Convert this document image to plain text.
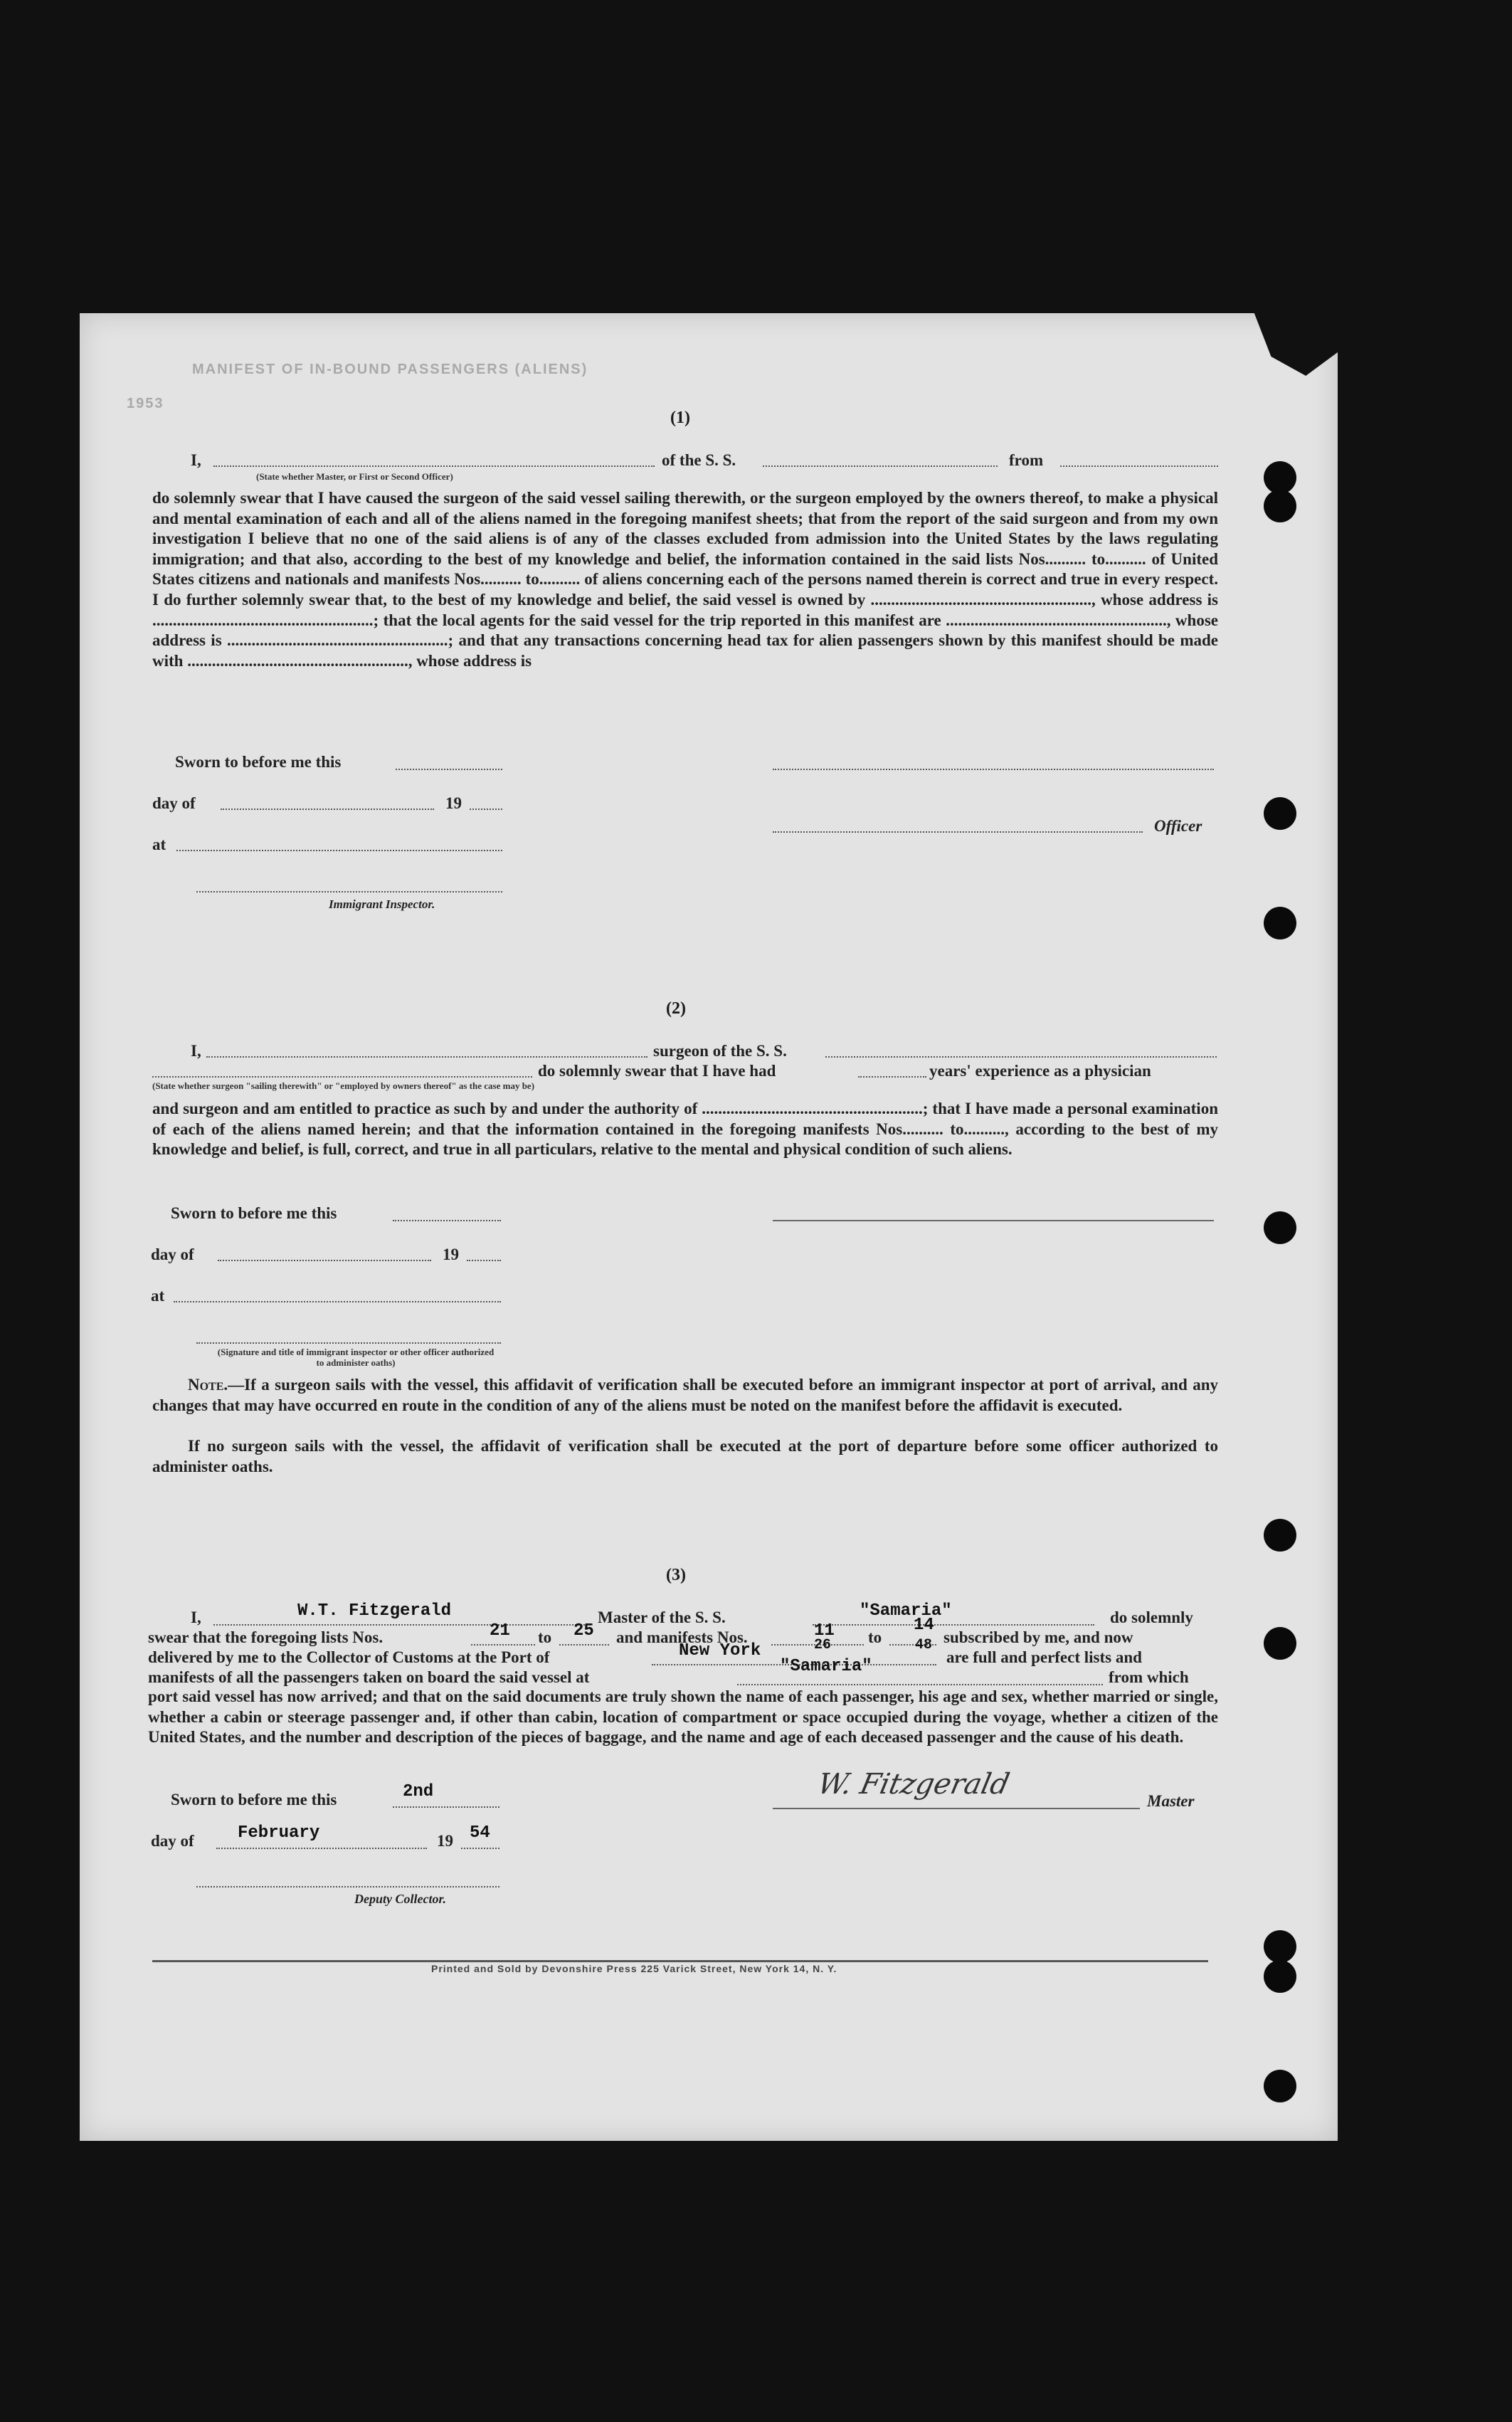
MANIFEST OF IN-BOUND PASSENGERS (ALIENS)
1953
(1)
I,	of the S. S.	from
(State whether Master, or First or Second Officer)
do solemnly swear that I have caused the surgeon of the said vessel sailing therewith, or the surgeon employed by the owners thereof, to make a physical and mental examination of each and all of the aliens named in the foregoing manifest sheets; that from the report of the said surgeon and from my own investigation I believe that no one of the said aliens is of any of the classes excluded from admission into the United States by the laws regulating immigration; and that also, according to the best of my knowledge and belief, the information contained in the said lists Nos.......... to.......... of United States citizens and nationals and manifests Nos.......... to.......... of aliens concerning each of the persons named therein is correct and true in every respect. I do further solemnly swear that, to the best of my knowledge and belief, the said vessel is owned by ......................................................, whose address is ......................................................; that the local agents for the said vessel for the trip reported in this manifest are ......................................................, whose address is ......................................................; and that any transactions concerning head tax for alien passengers shown by this manifest should be made with ......................................................, whose address is
Sworn to before me this
day of	19
Officer
at
Immigrant Inspector.
(2)
I,	surgeon of the S. S.
do solemnly swear that I have had	years' experience as a physician
(State whether surgeon "sailing therewith" or "employed by owners thereof" as the case may be)
and surgeon and am entitled to practice as such by and under the authority of ......................................................; that I have made a personal examination of each of the aliens named herein; and that the information contained in the foregoing manifests Nos.......... to.........., according to the best of my knowledge and belief, is full, correct, and true in all particulars, relative to the mental and physical condition of such aliens.
Sworn to before me this
day of	19
at
(Signature and title of immigrant inspector or other officer authorized to administer oaths)
Note.—If a surgeon sails with the vessel, this affidavit of verification shall be executed before an immigrant inspector at port of arrival, and any changes that may have occurred en route in the condition of any of the aliens must be noted on the manifest before the affidavit is executed.
If no surgeon sails with the vessel, the affidavit of verification shall be executed at the port of departure before some officer authorized to administer oaths.
(3)
I,	W.T. Fitzgerald	Master of the S. S.	"Samaria"	do solemnly
swear that the foregoing lists Nos.	21 to 25 and manifests Nos.	11 to
14
subscribed by me, and now
delivered by me to the Collector of Customs at the Port of	New York	26	48
are full and perfect lists and
manifests of all the passengers taken on board the said vessel at
"Samaria"
from which
port said vessel has now arrived; and that on the said documents are truly shown the name of each passenger, his age and sex, whether married or single, whether a cabin or steerage passenger and, if other than cabin, location of compartment or space occupied during the voyage, whether a citizen of the United States, and the number and description of the pieces of baggage, and the name and age of each deceased passenger and the cause of his death.
Sworn to before me this	2nd	W. Fitzgerald
Master
day of	February	19 54
Deputy Collector.
Printed and Sold by Devonshire Press 225 Varick Street, New York 14, N. Y.
